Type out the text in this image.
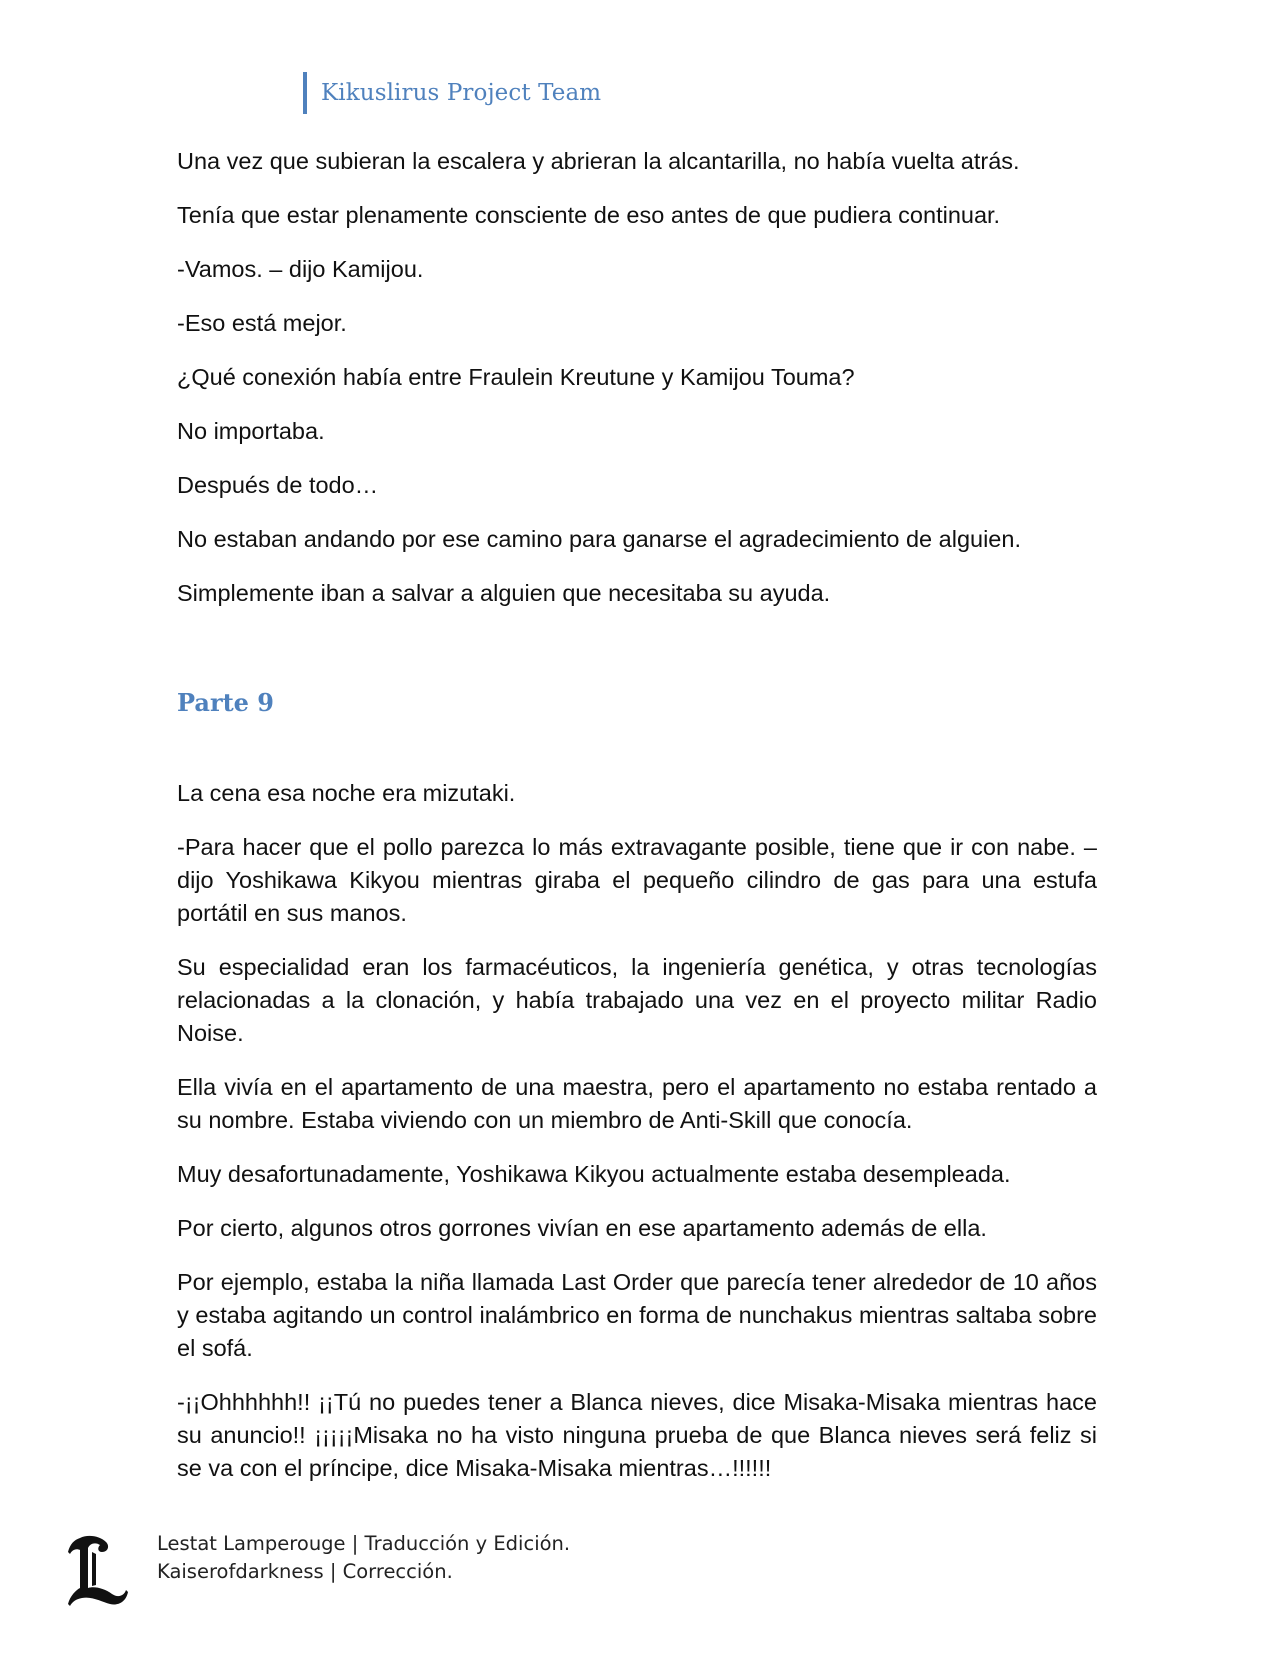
Kikuslirus Project Team

Una vez que subieran la escalera y abrieran la alcantarilla, no había vuelta atrás.

Tenía que estar plenamente consciente de eso antes de que pudiera continuar.

-Vamos. – dijo Kamijou.

-Eso está mejor.

¿Qué conexión había entre Fraulein Kreutune y Kamijou Touma?

No importaba.

Después de todo…

No estaban andando por ese camino para ganarse el agradecimiento de alguien.

Simplemente iban a salvar a alguien que necesitaba su ayuda.

Parte 9

La cena esa noche era mizutaki.

-Para hacer que el pollo parezca lo más extravagante posible, tiene que ir con nabe. – dijo Yoshikawa Kikyou mientras giraba el pequeño cilindro de gas para una estufa portátil en sus manos.

Su especialidad eran los farmacéuticos, la ingeniería genética, y otras tecnologías relacionadas a la clonación, y había trabajado una vez en el proyecto militar Radio Noise.

Ella vivía en el apartamento de una maestra, pero el apartamento no estaba rentado a su nombre. Estaba viviendo con un miembro de Anti-Skill que conocía.

Muy desafortunadamente, Yoshikawa Kikyou actualmente estaba desempleada.

Por cierto, algunos otros gorrones vivían en ese apartamento además de ella.

Por ejemplo, estaba la niña llamada Last Order que parecía tener alrededor de 10 años y estaba agitando un control inalámbrico en forma de nunchakus mientras saltaba sobre el sofá.

-¡¡Ohhhhhh!! ¡¡Tú no puedes tener a Blanca nieves, dice Misaka-Misaka mientras hace su anuncio!! ¡¡¡¡¡Misaka no ha visto ninguna prueba de que Blanca nieves será feliz si se va con el príncipe, dice Misaka-Misaka mientras…!!!!!!

Lestat Lamperouge | Traducción y Edición.
Kaiserofdarkness | Corrección.
